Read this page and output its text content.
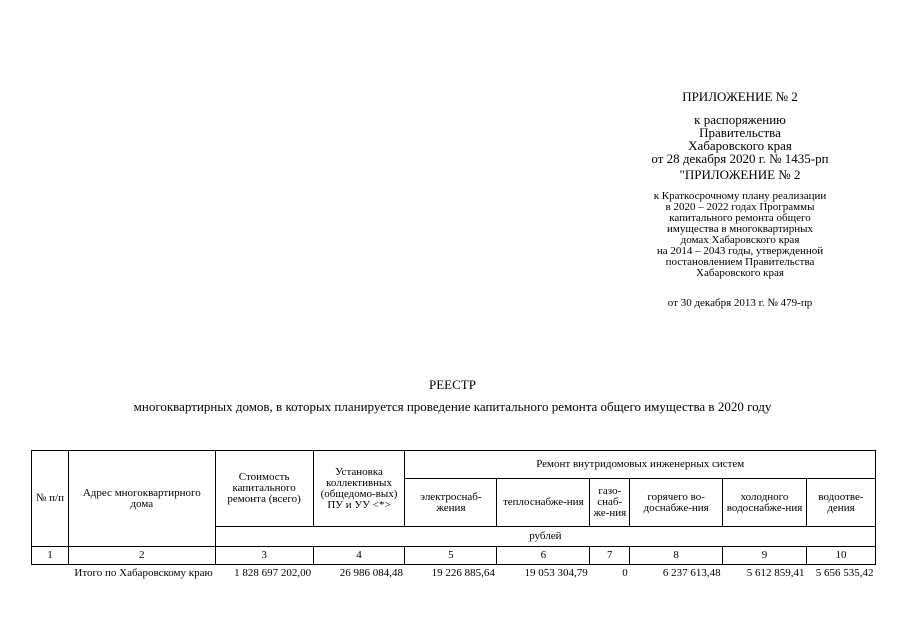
ПРИЛОЖЕНИЕ № 2
к распоряжению
Правительства
Хабаровского края
от 28 декабря 2020 г. № 1435-рп
"ПРИЛОЖЕНИЕ № 2
к Краткосрочному плану реализации
в 2020 – 2022 годах Программы
капитального ремонта общего
имущества в многоквартирных
домах Хабаровского края
на 2014 – 2043 годы, утвержденной
постановлением Правительства
Хабаровского края
от 30 декабря 2013 г. № 479-пр
РЕЕСТР
многоквартирных домов, в которых планируется проведение капитального ремонта общего имущества в 2020 году
№ п/п	Адрес многоквартирного дома	Стоимость капитального ремонта (всего)	Установка коллективных (общедомо-вых) ПУ и УУ <*>	Ремонт внутридомовых инженерных систем					
				электроснаб-жения	теплоснабже-ния	газо-снаб-же-ния	горячего во-доснабже-ния	холодного водоснабже-ния	водоотве-дения
		рублей							
1	2	3	4	5	6	7	8	9	10
	Итого по Хабаровскому краю	1 828 697 202,00	26 986 084,48	19 226 885,64	19 053 304,79	0	6 237 613,48	5 612 859,41	5 656 535,42
